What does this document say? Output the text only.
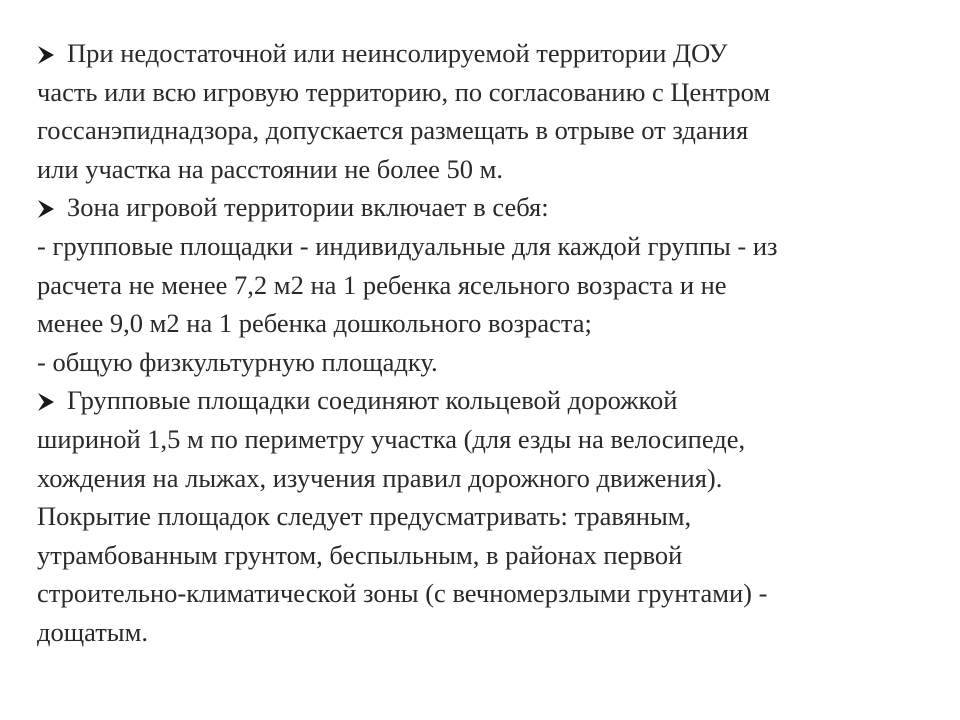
При недостаточной или неинсолируемой территории ДОУ
часть или всю игровую территорию, по согласованию с Центром
госсанэпиднадзора, допускается размещать в отрыве от здания
или участка на расстоянии не более 50 м.
Зона игровой территории включает в себя:
- групповые площадки - индивидуальные для каждой группы - из
расчета не менее 7,2 м2 на 1 ребенка ясельного возраста и не
менее 9,0 м2 на 1 ребенка дошкольного возраста;
- общую физкультурную площадку.
Групповые площадки соединяют кольцевой дорожкой
шириной 1,5 м по периметру участка (для езды на велосипеде,
хождения на лыжах, изучения правил дорожного движения).
Покрытие площадок следует предусматривать: травяным,
утрамбованным грунтом, беспыльным, в районах первой
строительно-климатической зоны (с вечномерзлыми грунтами) -
дощатым.
